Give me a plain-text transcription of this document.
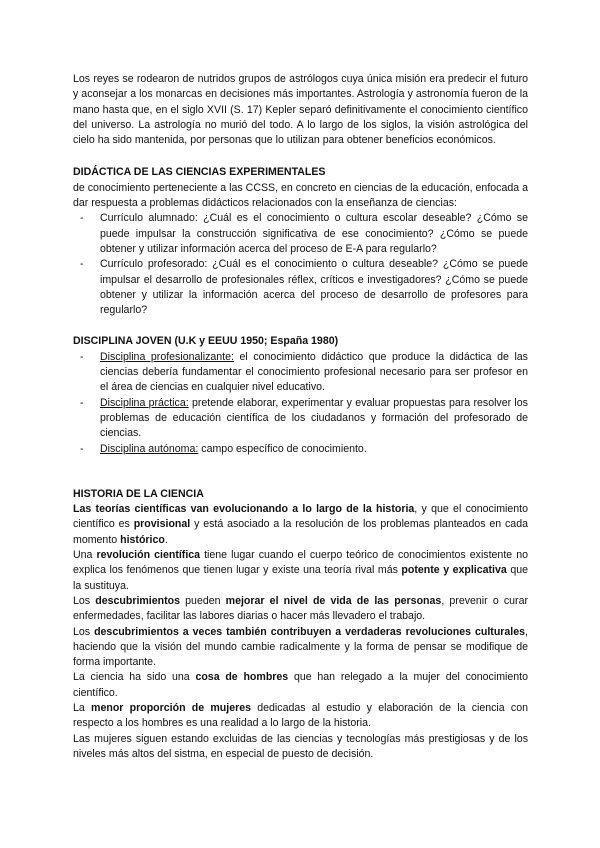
Los reyes se rodearon de nutridos grupos de astrólogos cuya única misión era predecir el futuro y aconsejar a los monarcas en decisiones más importantes. Astrología y astronomía fueron de la mano hasta que, en el siglo XVII (S. 17) Kepler separó definitivamente el conocimiento científico del universo. La astrología no murió del todo. A lo largo de los siglos, la visión astrológica del cielo ha sido mantenida, por personas que lo utilizan para obtener beneficios económicos.

DIDÁCTICA DE LAS CIENCIAS EXPERIMENTALES

de conocimiento perteneciente a las CCSS, en concreto en ciencias de la educación, enfocada a dar respuesta a problemas didácticos relacionados con la enseñanza de ciencias:

- Currículo alumnado: ¿Cuál es el conocimiento o cultura escolar deseable? ¿Cómo se puede impulsar la construcción significativa de ese conocimiento? ¿Cómo se puede obtener y utilizar información acerca del proceso de E-A para regularlo?
- Currículo profesorado: ¿Cuál es el conocimiento o cultura deseable? ¿Cómo se puede impulsar el desarrollo de profesionales réflex, críticos e investigadores? ¿Cómo se puede obtener y utilizar la información acerca del proceso de desarrollo de profesores para regularlo?
DISCIPLINA JOVEN (U.K y EEUU 1950; España 1980)
- Disciplina profesionalizante: el conocimiento didáctico que produce la didáctica de las ciencias debería fundamentar el conocimiento profesional necesario para ser profesor en el área de ciencias en cualquier nivel educativo.
- Disciplina práctica: pretende elaborar, experimentar y evaluar propuestas para resolver los problemas de educación científica de los ciudadanos y formación del profesorado de ciencias.
- Disciplina autónoma: campo específico de conocimiento.
HISTORIA DE LA CIENCIA

Las teorías científicas van evolucionando a lo largo de la historia, y que el conocimiento científico es provisional y está asociado a la resolución de los problemas planteados en cada momento histórico.

Una revolución científica tiene lugar cuando el cuerpo teórico de conocimientos existente no explica los fenómenos que tienen lugar y existe una teoría rival más potente y explicativa que la sustituya.

Los descubrimientos pueden mejorar el nivel de vida de las personas, prevenir o curar enfermedades, facilitar las labores diarias o hacer más llevadero el trabajo.

Los descubrimientos a veces también contribuyen a verdaderas revoluciones culturales, haciendo que la visión del mundo cambie radicalmente y la forma de pensar se modifique de forma importante.

La ciencia ha sido una cosa de hombres que han relegado a la mujer del conocimiento científico.

La menor proporción de mujeres dedicadas al estudio y elaboración de la ciencia con respecto a los hombres es una realidad a lo largo de la historia.

Las mujeres siguen estando excluidas de las ciencias y tecnologías más prestigiosas y de los niveles más altos del sistma, en especial de puesto de decisión.
